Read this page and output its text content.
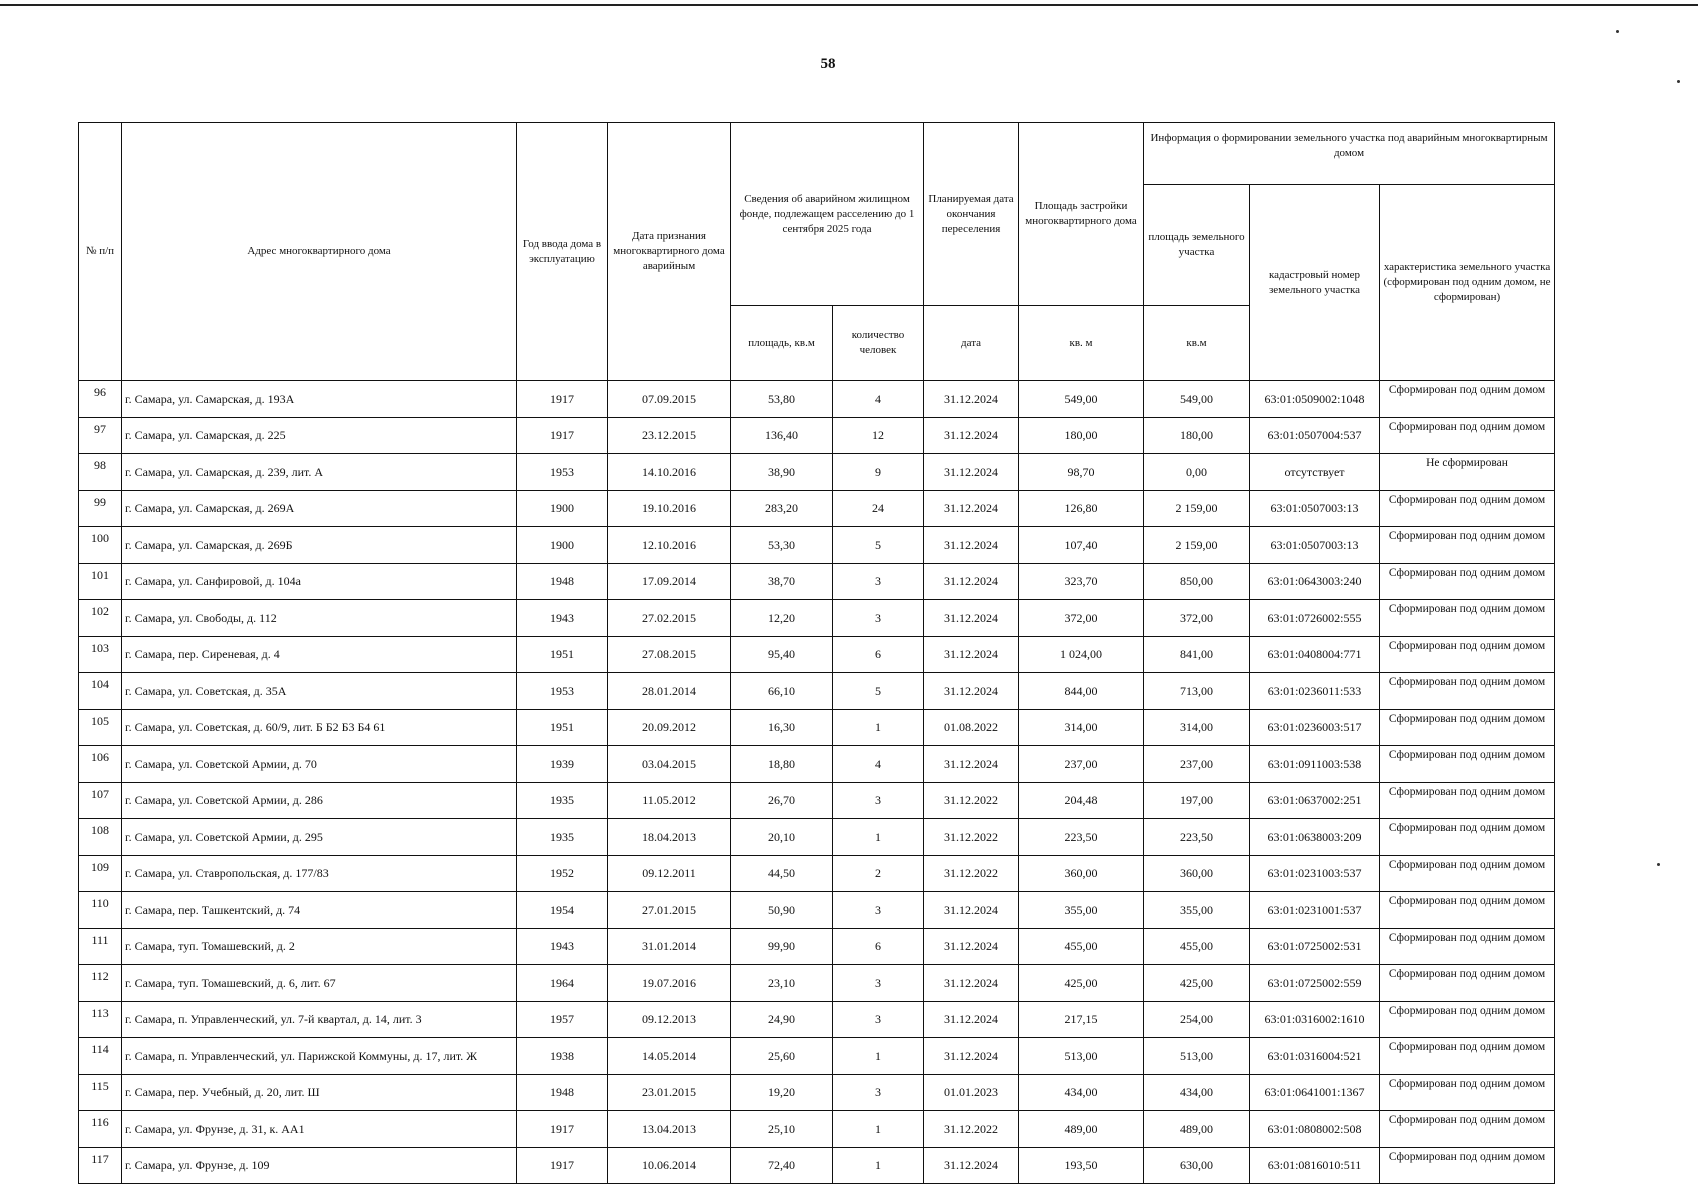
58
№ п/п	Адрес многоквартирного дома	Год ввода дома в эксплуатацию	Дата признания многоквартирного дома аварийным	Сведения об аварийном жилищном фонде, подлежащем расселению до 1 сентября 2025 года		Планируемая дата окончания переселения	Площадь застройки многоквартирного дома	Информация о формировании земельного участка под аварийным многоквартирным домом		
								площадь земельного участка	кадастровый номер земельного участка	характеристика земельного участка (сформирован под одним домом, не сформирован)
				площадь, кв.м	количество человек	дата	кв. м	кв.м		
96	г. Самара, ул. Самарская, д. 193А	1917	07.09.2015	53,80	4	31.12.2024	549,00	549,00	63:01:0509002:1048	Сформирован под одним домом
97	г. Самара, ул. Самарская, д. 225	1917	23.12.2015	136,40	12	31.12.2024	180,00	180,00	63:01:0507004:537	Сформирован под одним домом
98	г. Самара, ул. Самарская, д. 239, лит. А	1953	14.10.2016	38,90	9	31.12.2024	98,70	0,00	отсутствует	Не сформирован
99	г. Самара, ул. Самарская, д. 269А	1900	19.10.2016	283,20	24	31.12.2024	126,80	2 159,00	63:01:0507003:13	Сформирован под одним домом
100	г. Самара, ул. Самарская, д. 269Б	1900	12.10.2016	53,30	5	31.12.2024	107,40	2 159,00	63:01:0507003:13	Сформирован под одним домом
101	г. Самара, ул. Санфировой, д. 104а	1948	17.09.2014	38,70	3	31.12.2024	323,70	850,00	63:01:0643003:240	Сформирован под одним домом
102	г. Самара, ул. Свободы, д. 112	1943	27.02.2015	12,20	3	31.12.2024	372,00	372,00	63:01:0726002:555	Сформирован под одним домом
103	г. Самара, пер. Сиреневая, д. 4	1951	27.08.2015	95,40	6	31.12.2024	1 024,00	841,00	63:01:0408004:771	Сформирован под одним домом
104	г. Самара, ул. Советская, д. 35А	1953	28.01.2014	66,10	5	31.12.2024	844,00	713,00	63:01:0236011:533	Сформирован под одним домом
105	г. Самара, ул. Советская, д. 60/9, лит. Б Б2 Б3 Б4 61	1951	20.09.2012	16,30	1	01.08.2022	314,00	314,00	63:01:0236003:517	Сформирован под одним домом
106	г. Самара, ул. Советской Армии, д. 70	1939	03.04.2015	18,80	4	31.12.2024	237,00	237,00	63:01:0911003:538	Сформирован под одним домом
107	г. Самара, ул. Советской Армии, д. 286	1935	11.05.2012	26,70	3	31.12.2022	204,48	197,00	63:01:0637002:251	Сформирован под одним домом
108	г. Самара, ул. Советской Армии, д. 295	1935	18.04.2013	20,10	1	31.12.2022	223,50	223,50	63:01:0638003:209	Сформирован под одним домом
109	г. Самара, ул. Ставропольская, д. 177/83	1952	09.12.2011	44,50	2	31.12.2022	360,00	360,00	63:01:0231003:537	Сформирован под одним домом
110	г. Самара, пер. Ташкентский, д. 74	1954	27.01.2015	50,90	3	31.12.2024	355,00	355,00	63:01:0231001:537	Сформирован под одним домом
111	г. Самара, туп. Томашевский, д. 2	1943	31.01.2014	99,90	6	31.12.2024	455,00	455,00	63:01:0725002:531	Сформирован под одним домом
112	г. Самара, туп. Томашевский, д. 6, лит. 67	1964	19.07.2016	23,10	3	31.12.2024	425,00	425,00	63:01:0725002:559	Сформирован под одним домом
113	г. Самара, п. Управленческий, ул. 7-й квартал, д. 14, лит. 3	1957	09.12.2013	24,90	3	31.12.2024	217,15	254,00	63:01:0316002:1610	Сформирован под одним домом
114	г. Самара, п. Управленческий, ул. Парижской Коммуны, д. 17, лит. Ж	1938	14.05.2014	25,60	1	31.12.2024	513,00	513,00	63:01:0316004:521	Сформирован под одним домом
115	г. Самара, пер. Учебный, д. 20, лит. Ш	1948	23.01.2015	19,20	3	01.01.2023	434,00	434,00	63:01:0641001:1367	Сформирован под одним домом
116	г. Самара, ул. Фрунзе, д. 31, к. АА1	1917	13.04.2013	25,10	1	31.12.2022	489,00	489,00	63:01:0808002:508	Сформирован под одним домом
117	г. Самара, ул. Фрунзе, д. 109	1917	10.06.2014	72,40	1	31.12.2024	193,50	630,00	63:01:0816010:511	Сформирован под одним домом
